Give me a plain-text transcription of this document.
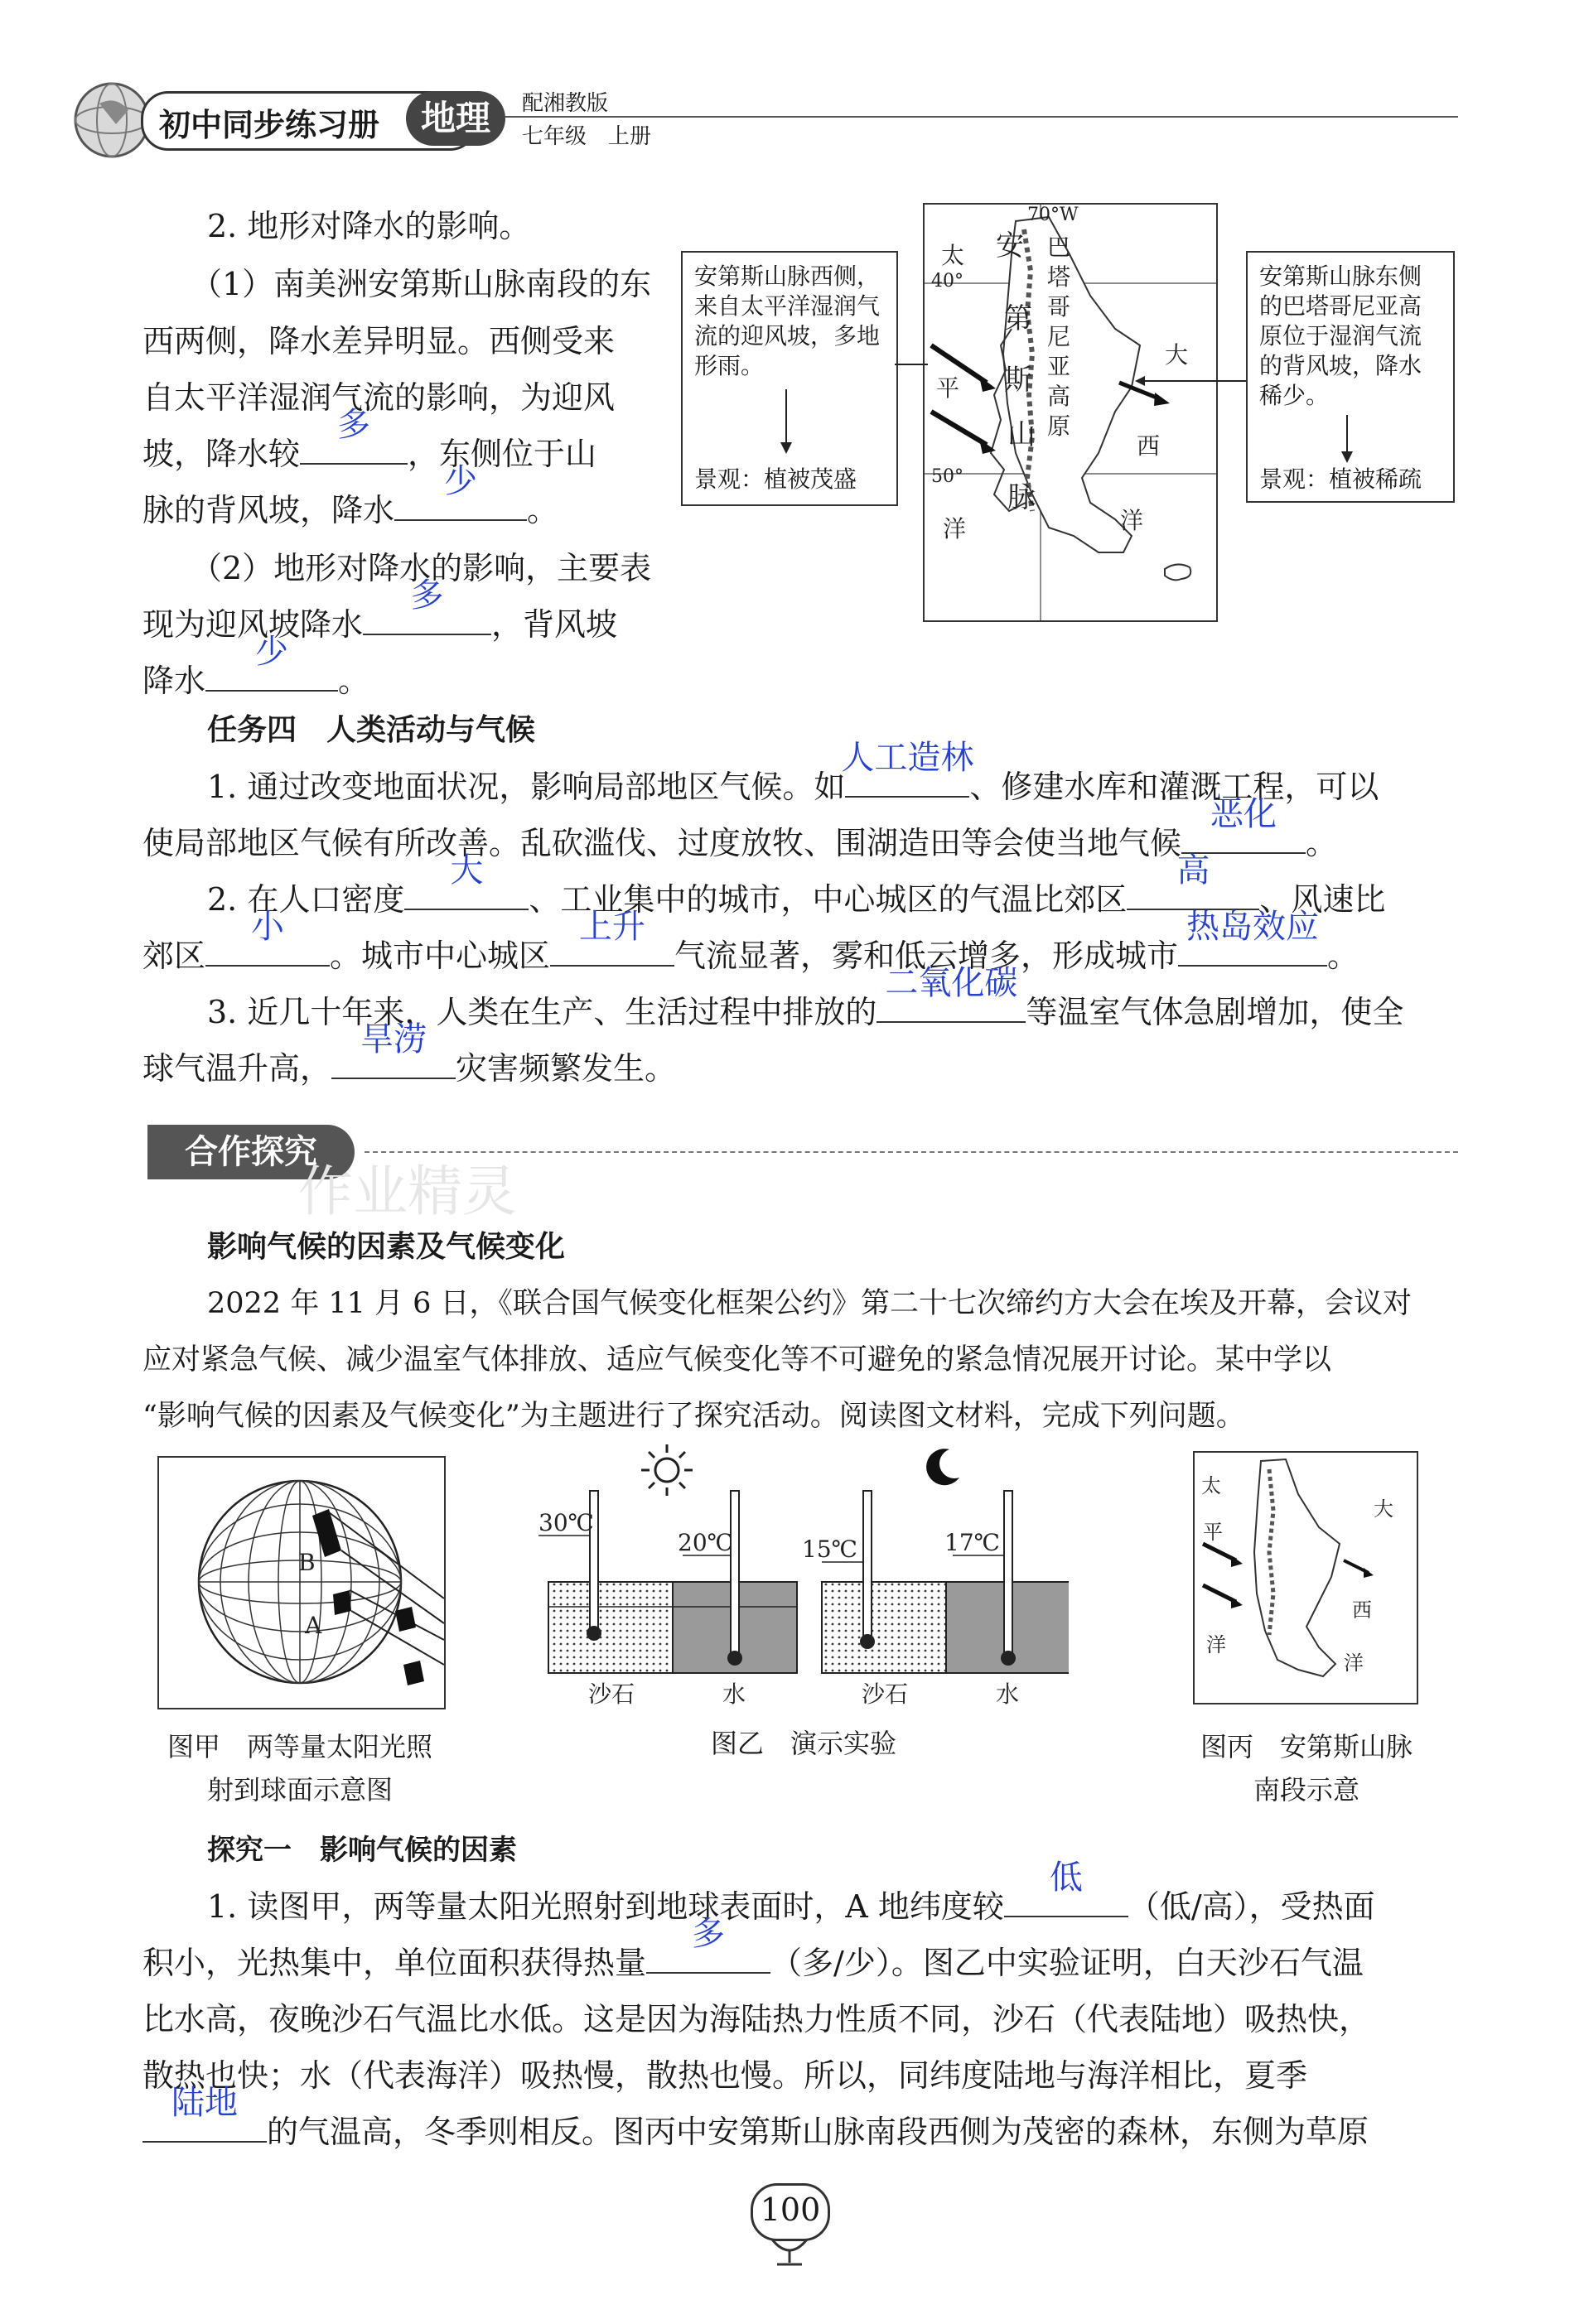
初中同步练习册	地理	配湘教版
七年级　上册
2. 地形对降水的影响。
（1）南美洲安第斯山脉南段的东
西两侧，降水差异明显。西侧受来
自太平洋湿润气流的影响，为迎风
坡，降水较
多
，东侧位于山
脉的背风坡，降水
少
。
（2）地形对降水的影响，主要表
现为迎风坡降水
多
，背风坡
降水
少
。
安第斯山脉西侧，
来自太平洋湿润气
流的迎风坡，多地
形雨。
景观：植被茂盛
70°W
40°
50°
太
平
洋
大
西
洋
安
第
斯
山
脉
巴
塔
哥
尼
亚
高
原
安第斯山脉东侧
的巴塔哥尼亚高
原位于湿润气流
的背风坡，降水
稀少。
景观：植被稀疏
任务四　人类活动与气候
1. 通过改变地面状况，影响局部地区气候。如
人工造林
、修建水库和灌溉工程，可以
使局部地区气候有所改善。乱砍滥伐、过度放牧、围湖造田等会使当地气候
恶化
。
2. 在人口密度
大
、工业集中的城市，中心城区的气温比郊区
高
、风速比
郊区
小
。城市中心城区
上升
气流显著，雾和低云增多，形成城市
热岛效应
。
3. 近几十年来，人类在生产、生活过程中排放的
二氧化碳
等温室气体急剧增加，使全
球气温升高，
旱涝
灾害频繁发生。
合作探究
作业精灵
影响气候的因素及气候变化
2022 年 11 月 6 日，《联合国气候变化框架公约》第二十七次缔约方大会在埃及开幕，会议对
应对紧急气候、减少温室气体排放、适应气候变化等不可避免的紧急情况展开讨论。某中学以
“影响气候的因素及气候变化”为主题进行了探究活动。阅读图文材料，完成下列问题。
B
A
图甲　两等量太阳光照
射到球面示意图
30℃
20℃	15℃	17℃
沙石	水	沙石	水
图乙　演示实验
太
平
洋
大
西
洋
图丙　安第斯山脉
南段示意
探究一　影响气候的因素
1. 读图甲，两等量太阳光照射到地球表面时，A 地纬度较
低
（低/高），受热面
积小，光热集中，单位面积获得热量
多
（多/少）。图乙中实验证明，白天沙石气温
比水高，夜晚沙石气温比水低。这是因为海陆热力性质不同，沙石（代表陆地）吸热快，
散热也快；水（代表海洋）吸热慢，散热也慢。所以，同纬度陆地与海洋相比，夏季
陆地
的气温高，冬季则相反。图丙中安第斯山脉南段西侧为茂密的森林，东侧为草原
100
